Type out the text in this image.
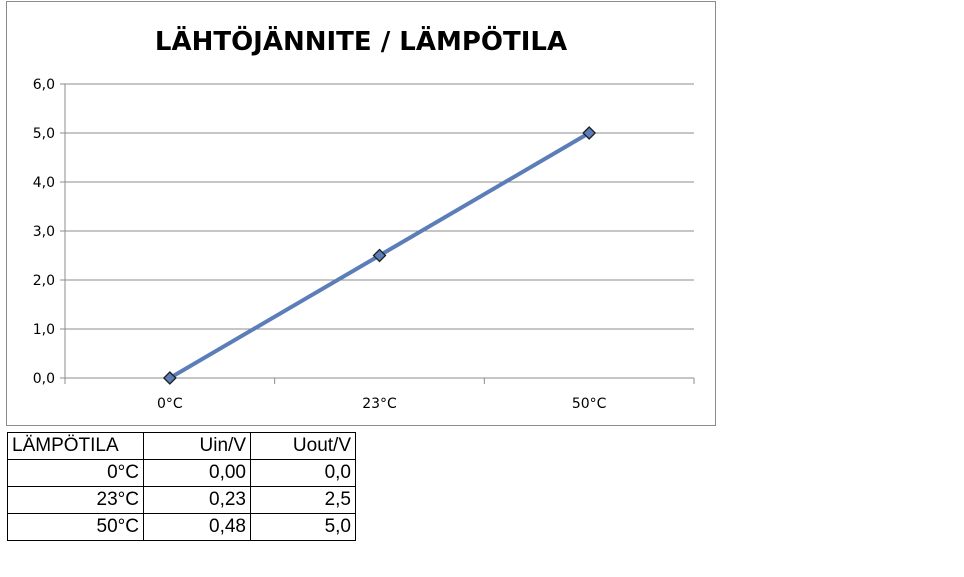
LÄHTÖJÄNNITE / LÄMPÖTILA
0,0
1,0
2,0
3,0
4,0
5,0
6,0
0°C	23°C	50°C
LÄMPÖTILA	Uin/V	Uout/V
0°C	0,00	0,0
23°C	0,23	2,5
50°C	0,48	5,0
